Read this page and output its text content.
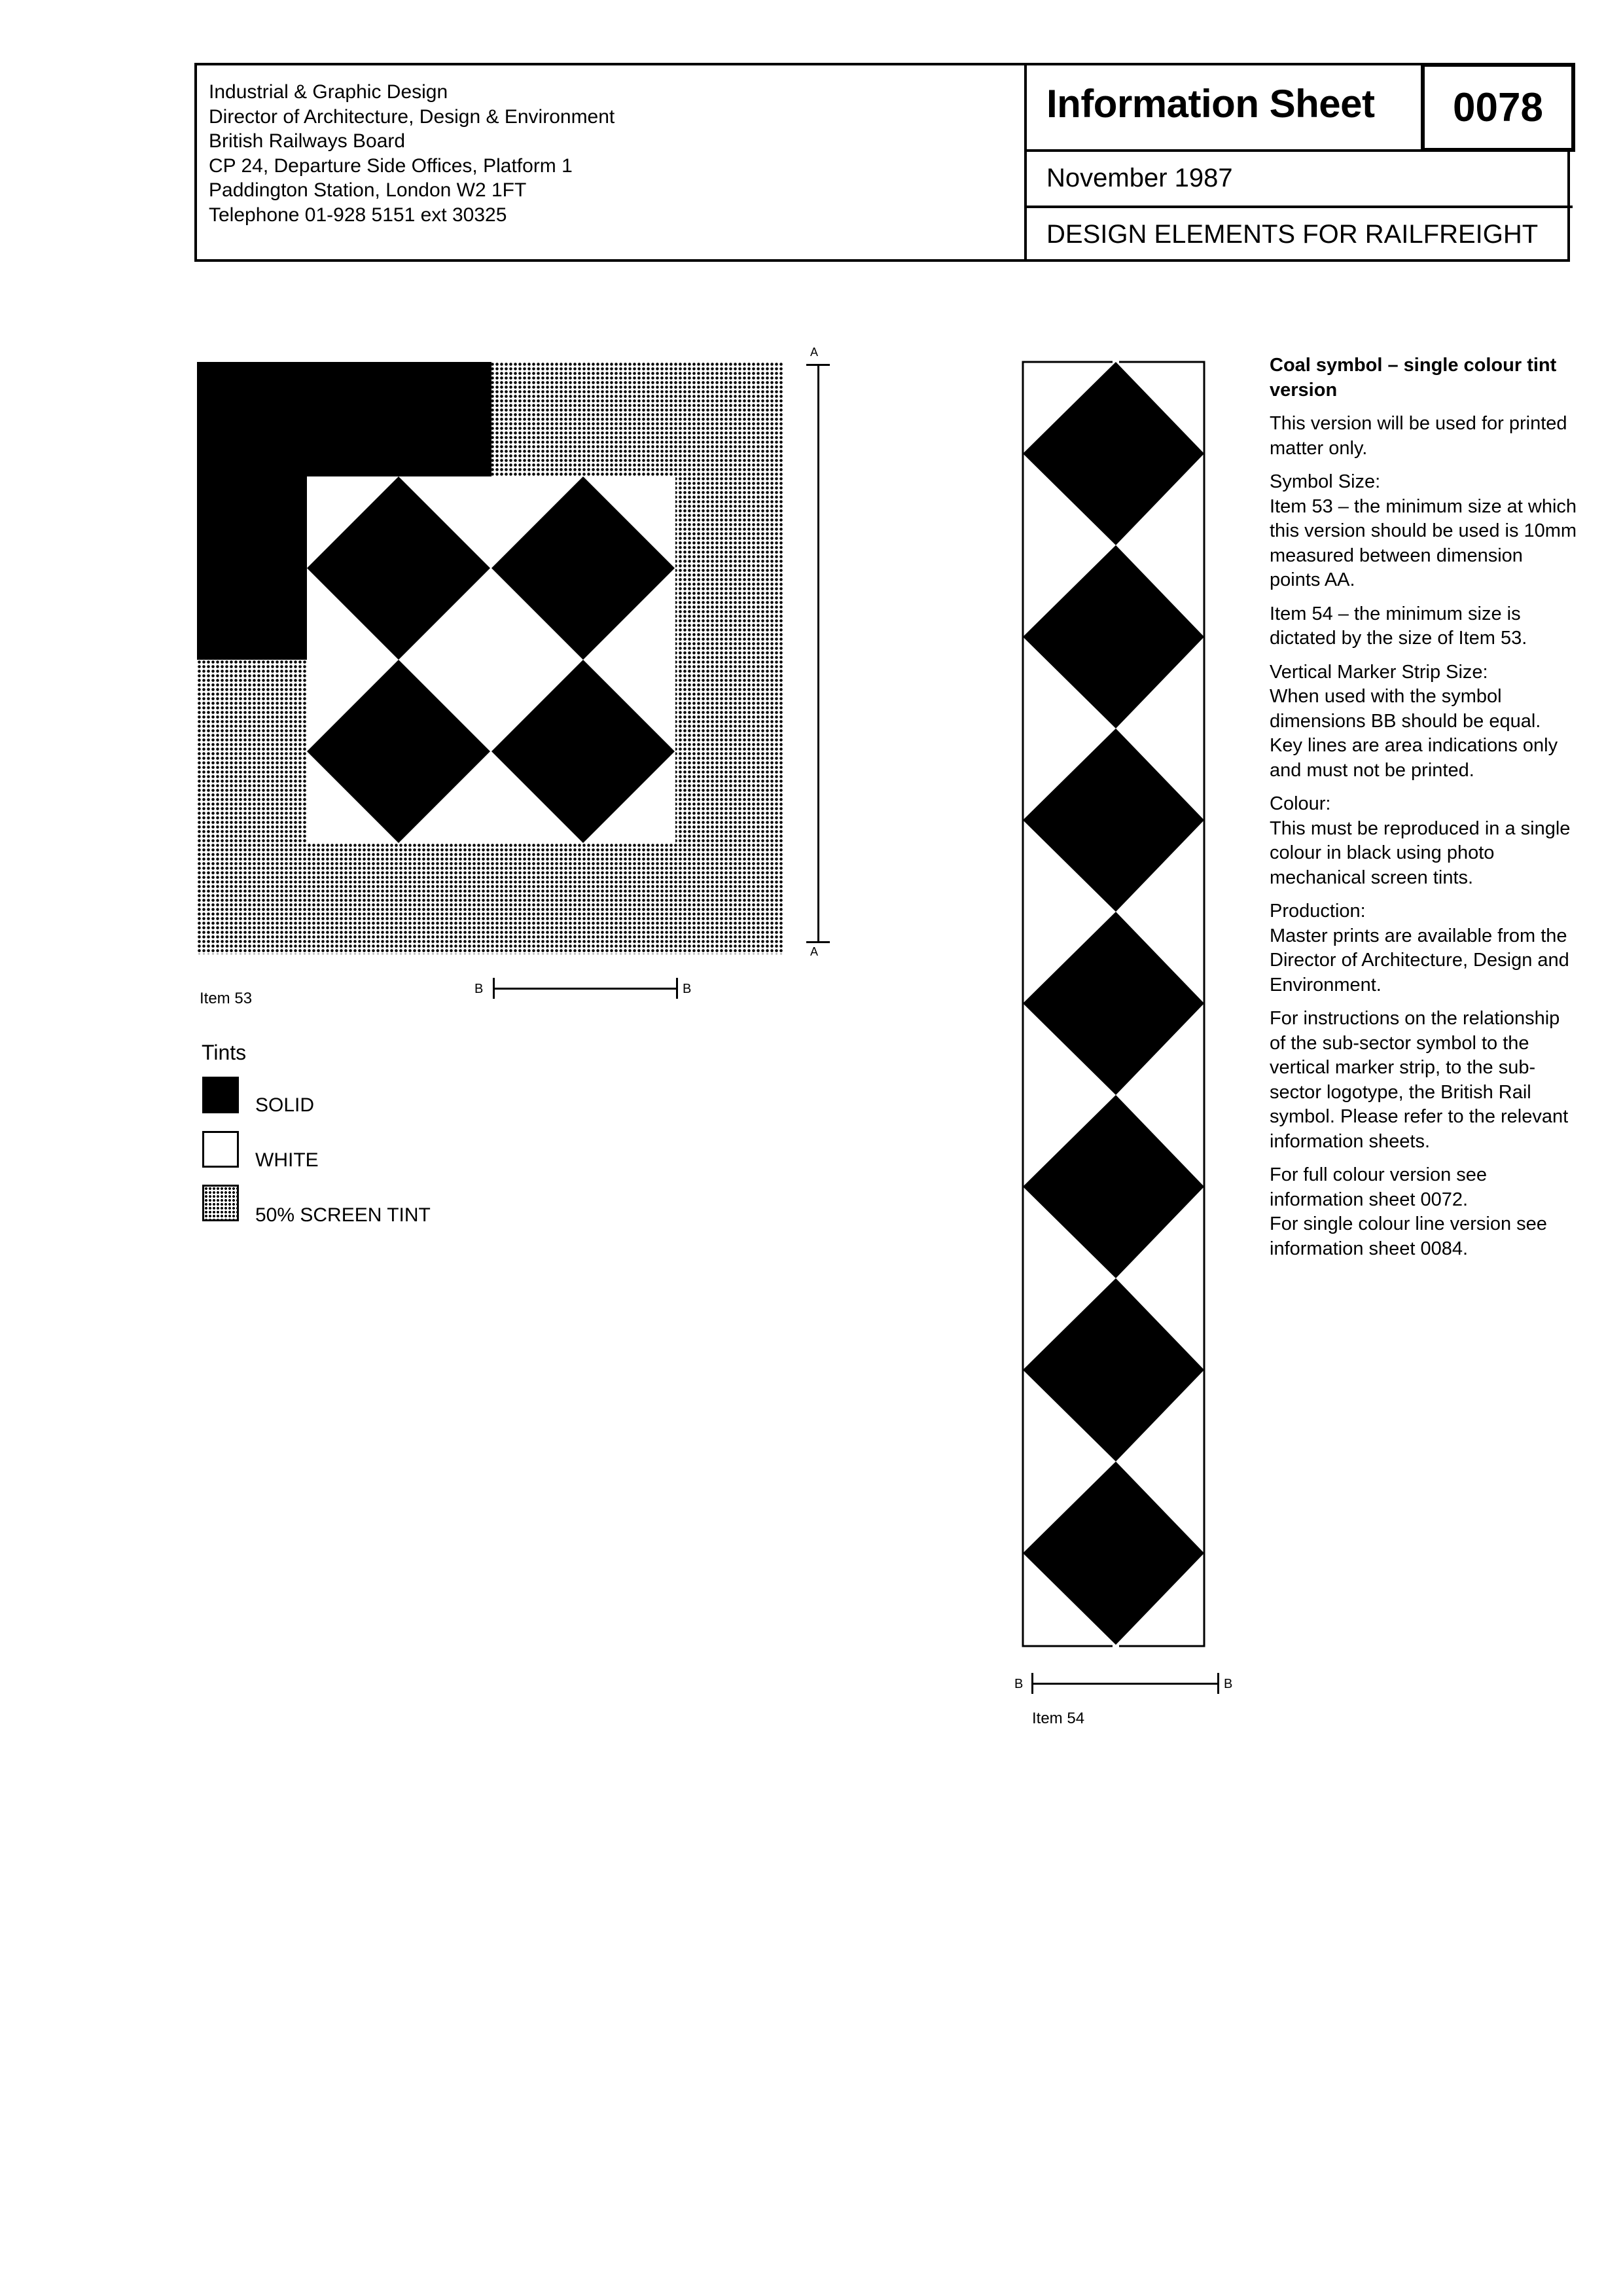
Industrial & Graphic Design
Director of Architecture, Design & Environment
British Railways Board
CP 24, Departure Side Offices, Platform 1
Paddington Station, London W2 1FT
Telephone 01-928 5151 ext 30325
Information Sheet	0078
November 1987
DESIGN ELEMENTS FOR RAILFREIGHT
A
A
Item 53
B	B
Tints
SOLID
WHITE
50% SCREEN TINT
B	B
Item 54

Coal symbol – single colour tint version

This version will be used for printed matter only.

Symbol Size:
Item 53 – the minimum size at which this version should be used is 10mm measured between dimension points AA.

Item 54 – the minimum size is dictated by the size of Item 53.

Vertical Marker Strip Size:
When used with the symbol dimensions BB should be equal. Key lines are area indications only and must not be printed.

Colour:
This must be reproduced in a single colour in black using photo mechanical screen tints.

Production:
Master prints are available from the Director of Architecture, Design and Environment.

For instructions on the relationship of the sub-sector symbol to the vertical marker strip, to the sub-sector logotype, the British Rail symbol. Please refer to the relevant information sheets.

For full colour version see information sheet 0072.
For single colour line version see information sheet 0084.
